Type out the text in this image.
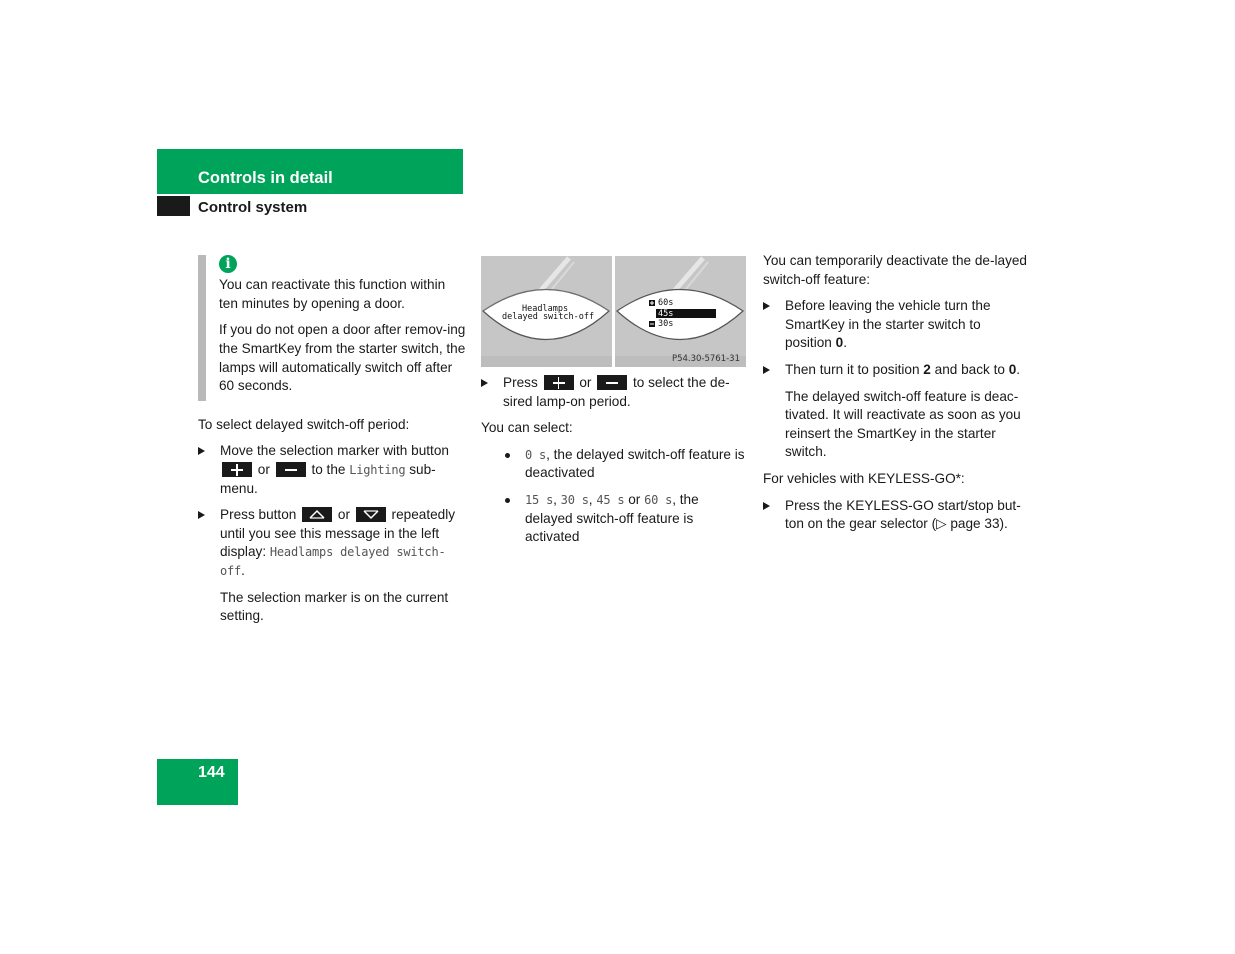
Controls in detail
Control system
i

You can reactivate this function within ten minutes by opening a door.

If you do not open a door after remov-ing the SmartKey from the starter switch, the lamps will automatically switch off after 60 seconds.

To select delayed switch-off period:

Move the selection marker with button
or	to the Lighting sub-menu.
Press button	or	repeatedly until you see this message in the left display: Headlamps delayed switch-off.

The selection marker is on the current setting.

Headlamps
delayed switch-off
60s
45s
30s
P54.30-5761-31
Press	or	to select the de-sired lamp-on period.

You can select:

0 s, the delayed switch-off feature is deactivated
15 s, 30 s, 45 s or 60 s, the delayed switch-off feature is activated

You can temporarily deactivate the de-layed switch-off feature:

Before leaving the vehicle turn the SmartKey in the starter switch to position 0.
Then turn it to position 2 and back to 0.

The delayed switch-off feature is deac-tivated. It will reactivate as soon as you reinsert the SmartKey in the starter switch.

For vehicles with KEYLESS-GO*:

Press the KEYLESS-GO start/stop but-ton on the gear selector (▷ page 33).
144
